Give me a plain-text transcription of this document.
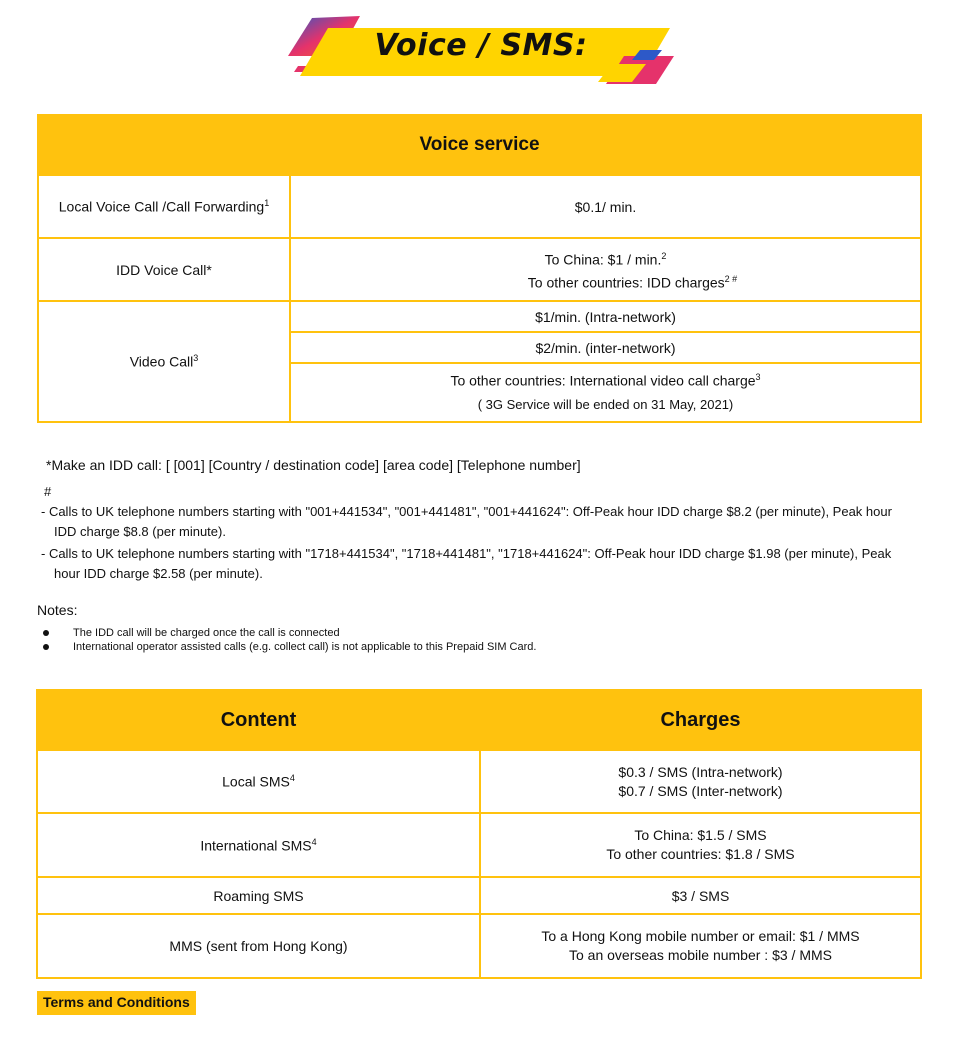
Voice / SMS:
Voice service	
Local Voice Call /Call Forwarding$^1$	$0.1/ min.
IDD Voice Call*	To China: $1 / min.$^2$
To other countries: IDD charges$^{2 \#}$

Video Call$^3$	$1/min. (Intra-network)
	$2/min. (inter-network)

	To other countries: International video call charge$^3$
( 3G Service will be ended on 31 May, 2021)
*Make an IDD call: [ [001] [Country / destination code] [area code] [Telephone number]
#
- Calls to UK telephone numbers starting with "001+441534", "001+441481", "001+441624": Off-Peak hour IDD charge $8.2 (per minute), Peak hour IDD charge $8.8 (per minute).
- Calls to UK telephone numbers starting with "1718+441534", "1718+441481", "1718+441624": Off-Peak hour IDD charge $1.98 (per minute), Peak hour IDD charge $2.58 (per minute).
Notes:
The IDD call will be charged once the call is connected
International operator assisted calls (e.g. collect call) is not applicable to this Prepaid SIM Card.
Content	Charges
Local SMS$^4$	$0.3 / SMS (Intra-network)
$0.7 / SMS (Inter-network)

International SMS$^4$	To China: $1.5 / SMS
To other countries: $1.8 / SMS

Roaming SMS	$3 / SMS
MMS (sent from Hong Kong)	To a Hong Kong mobile number or email: $1 / MMS
To an overseas mobile number : $3 / MMS
Terms and Conditions
